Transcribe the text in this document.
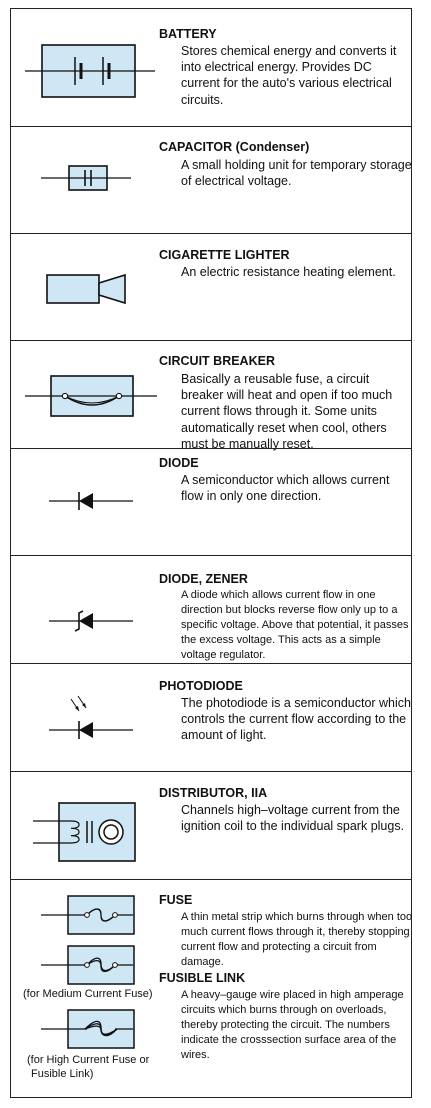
BATTERY
Stores chemical energy and converts it into electrical energy. Provides DC current for the auto's various electrical circuits.
CAPACITOR (Condenser)
A small holding unit for temporary storage of electrical voltage.
CIGARETTE LIGHTER
An electric resistance heating element.
CIRCUIT BREAKER
Basically a reusable fuse, a circuit breaker will heat and open if too much current flows through it. Some units automatically reset when cool, others must be manually reset.
DIODE
A semiconductor which allows current flow in only one direction.
DIODE, ZENER
A diode which allows current flow in one direction but blocks reverse flow only up to a specific voltage. Above that potential, it passes the excess voltage. This acts as a simple voltage regulator.
PHOTODIODE
The photodiode is a semiconductor which controls the current flow according to the amount of light.
DISTRIBUTOR, IIA
Channels high–voltage current from the ignition coil to the individual spark plugs.
(for Medium Current Fuse)
(for High Current Fuse or
Fusible Link)
FUSE
A thin metal strip which burns through when too much current flows through it, thereby stopping current flow and protecting a circuit from damage.
FUSIBLE LINK
A heavy–gauge wire placed in high amperage circuits which burns through on overloads, thereby protecting the circuit. The numbers indicate the crosssection surface area of the wires.
